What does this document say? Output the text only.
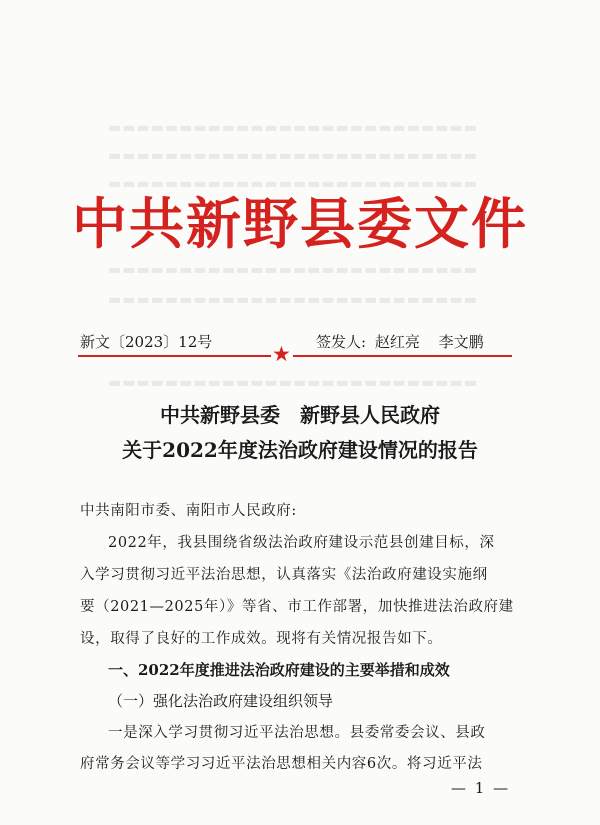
▬▬▬▬▬▬▬▬▬▬▬▬▬▬▬▬▬▬▬▬▬▬▬▬▬▬
▬▬▬▬▬▬▬▬▬▬▬▬▬▬▬▬▬▬▬▬▬▬▬▬▬▬
▬▬▬▬▬▬▬▬▬▬▬▬▬▬▬▬▬▬▬▬▬▬▬▬▬▬
▬▬▬▬▬▬▬▬▬▬▬▬▬▬▬▬▬▬▬▬▬▬▬▬▬▬
▬▬▬▬▬▬▬▬▬▬▬▬▬▬▬▬▬▬▬▬▬▬▬▬▬▬
▬▬▬▬▬▬▬▬▬▬▬▬▬▬▬▬▬▬▬▬▬▬▬▬▬▬
中共新野县委文件
新文〔2023〕12号	签发人: 赵红亮 李文鹏
★
中共新野县委　新野县人民政府
关于2022年度法治政府建设情况的报告
中共南阳市委、南阳市人民政府:
2022年，我县围绕省级法治政府建设示范县创建目标，深
入学习贯彻习近平法治思想，认真落实《法治政府建设实施纲
要（2021—2025年）》等省、市工作部署，加快推进法治政府建
设，取得了良好的工作成效。现将有关情况报告如下。
一、2022年度推进法治政府建设的主要举措和成效
（一）强化法治政府建设组织领导
一是深入学习贯彻习近平法治思想。县委常委会议、县政
府常务会议等学习习近平法治思想相关内容6次。将习近平法
— 1 —
